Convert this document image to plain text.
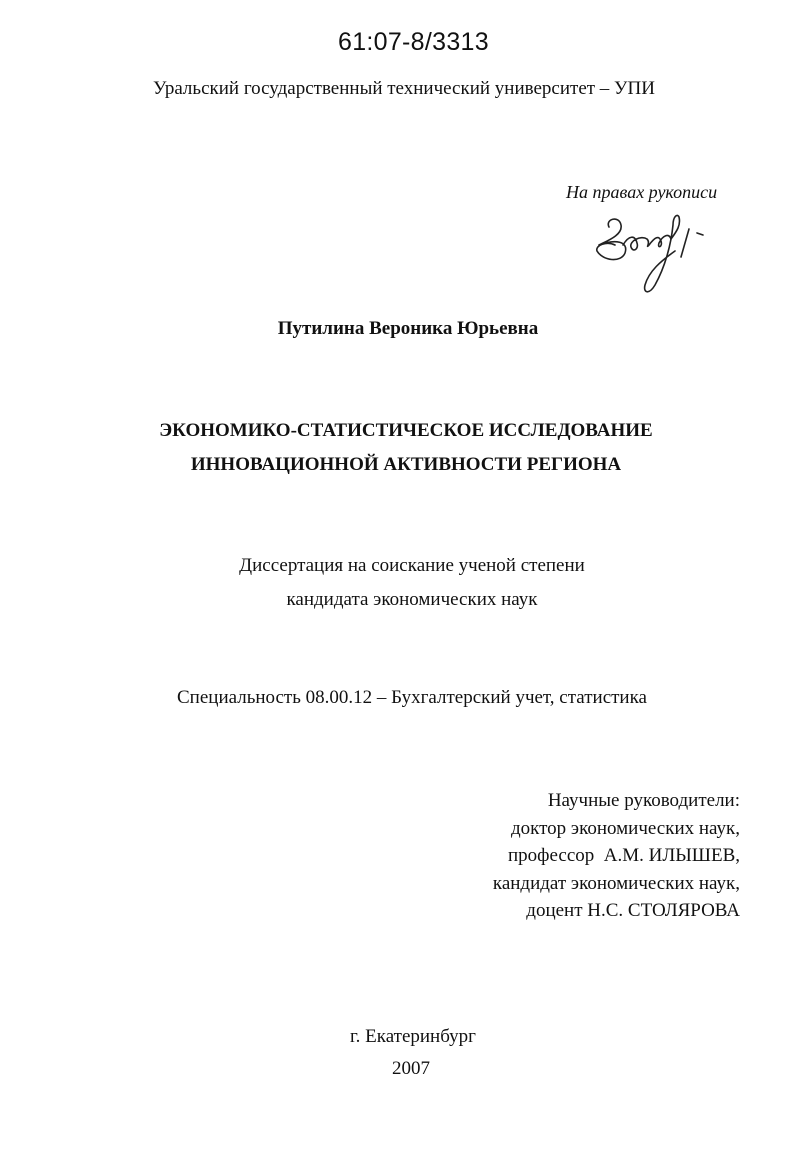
61:07-8/3313
Уральский государственный технический университет – УПИ
На правах рукописи
Путилина Вероника Юрьевна
ЭКОНОМИКО-СТАТИСТИЧЕСКОЕ ИССЛЕДОВАНИЕ
ИННОВАЦИОННОЙ АКТИВНОСТИ РЕГИОНА
Диссертация на соискание ученой степени
кандидата экономических наук
Специальность 08.00.12 – Бухгалтерский учет, статистика
Научные руководители:
доктор экономических наук,
профессор  А.М. ИЛЫШЕВ,
кандидат экономических наук,
доцент Н.С. СТОЛЯРОВА
г. Екатеринбург
2007
